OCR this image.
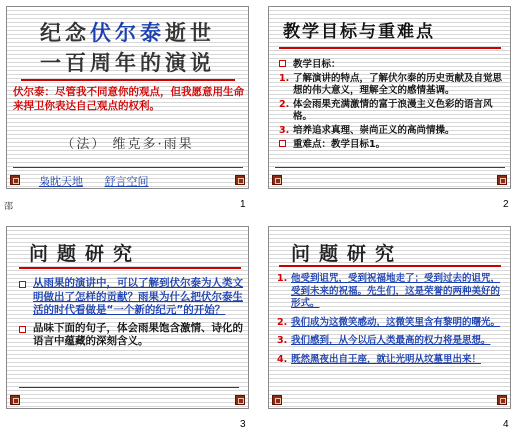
邵
纪念伏尔泰逝世
一百周年的演说
伏尔泰：尽管我不同意你的观点，但我愿意用生命来捍卫你表达自己观点的权利。
（法） 维克多·雨果
枭眈天地 舒言空间
1
教学目标与重难点
教学目标：
1. 了解演讲的特点，了解伏尔泰的历史贡献及自觉思想的伟大意义，理解全文的感情基调。
2. 体会雨果充满激情的富于浪漫主义色彩的语言风格。
3. 培养追求真理、崇尚正义的高尚情操。
重难点：教学目标1。
2
问题研究
从雨果的演讲中，可以了解到伏尔泰为人类文明做出了怎样的贡献？雨果为什么把伏尔泰生活的时代看做是“一个新的纪元”的开始？
品味下面的句子，体会雨果饱含激情、诗化的语言中蕴藏的深刻含义。
3
问题研究
1. 他受到诅咒，受到祝福地走了；受到过去的诅咒，受到未来的祝福。先生们，这是荣誉的两种美好的形式。
2. 我们成为这微笑感动，这微笑里含有黎明的曙光。
3. 我们感到，从今以后人类最高的权力将是思想。
4. 既然黑夜出自王座，就让光明从坟墓里出来！
4
